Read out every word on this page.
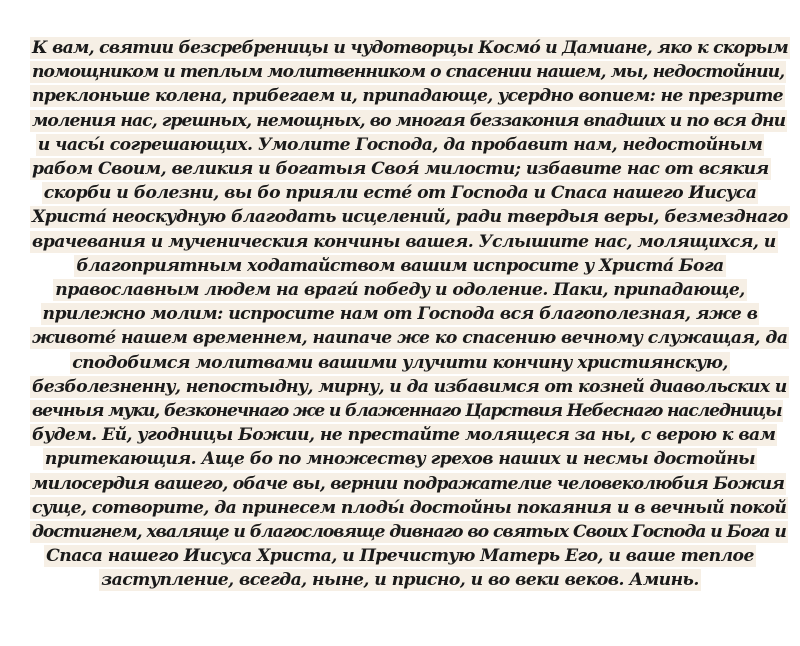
К вам, святии безсребреницы и чудотворцы Космо́ и Дамиане, яко к скорым
помощником и теплым молитвенником о спасении нашем, мы, недостойнии,
преклоньше колена, прибегаем и, припадающе, усердно вопием: не презрите
моления нас, грешных, немощных, во многая беззакония впадших и по вся дни
и часы́ согрешающих. Умолите Господа, да пробавит нам, недостойным
рабом Своим, великия и богатыя Своя́ милости; избавите нас от всякия
скорби и болезни, вы бо прияли есте́ от Господа и Спаса нашего Иисуса
Христа́ неоскудную благодать исцелений, ради твердыя веры, безмезднаго
врачевания и мученическия кончины вашея. Услышите нас, молящихся, и
благоприятным ходатайством вашим испросите у Христа́ Бога
православным людем на враги́ победу и одоление. Паки, припадающе,
прилежно молим: испросите нам от Господа вся благополезная, яже в
животе́ нашем временнем, наипаче же ко спасению вечному служащая, да
сподобимся молитвами вашими улучити кончину християнскую,
безболезненну, непостыдну, мирну, и да избавимся от козней диавольских и
вечныя муки, безконечнаго же и блаженнаго Царствия Небеснаго наследницы
будем. Ей, угодницы Божии, не престайте молящеся за ны, с верою к вам
притекающия. Аще бо по множеству грехов наших и несмы достойны
милосердия вашего, обаче вы, вернии подражателие человеколюбия Божия
суще, сотворите, да принесем плоды́ достойны покаяния и в вечный покой
достигнем, хваляще и благословяще дивнаго во святых Своих Господа и Бога и
Спаса нашего Иисуса Христа, и Пречистую Матерь Его, и ваше теплое
заступление, всегда, ныне, и присно, и во веки веков. Аминь.
